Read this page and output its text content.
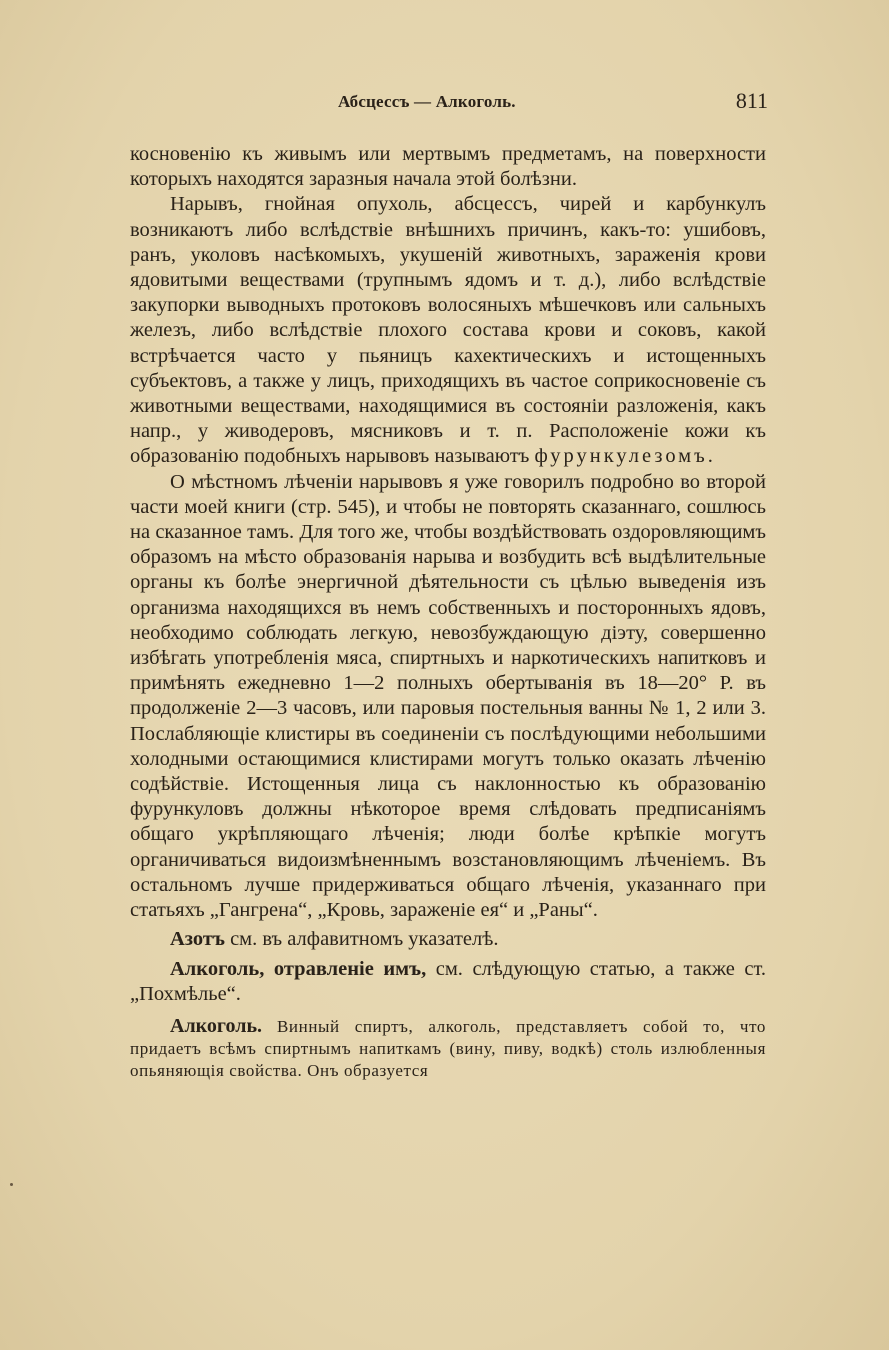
Абсцессъ — Алкоголь.	811

косновенію къ живымъ или мертвымъ предметамъ, на поверхности которыхъ находятся заразныя начала этой болѣзни.

Нарывъ, гнойная опухоль, абсцессъ, чирей и карбункулъ возникаютъ либо вслѣдствіе внѣшнихъ причинъ, какъ-то: ушибовъ, ранъ, уколовъ насѣкомыхъ, укушеній животныхъ, зараженія крови ядовитыми веществами (трупнымъ ядомъ и т. д.), либо вслѣдствіе закупорки выводныхъ протоковъ волосяныхъ мѣшечковъ или сальныхъ железъ, либо вслѣдствіе плохого состава крови и соковъ, какой встрѣчается часто у пьяницъ кахектическихъ и истощенныхъ субъектовъ, а также у лицъ, приходящихъ въ частое соприкосновеніе съ животными веществами, находящимися въ состояніи разложенія, какъ напр., у живодеровъ, мясниковъ и т. п. Расположеніе кожи къ образованію подобныхъ нарывовъ называютъ фурункулезомъ.

О мѣстномъ лѣченіи нарывовъ я уже говорилъ подробно во второй части моей книги (стр. 545), и чтобы не повторять сказаннаго, сошлюсь на сказанное тамъ. Для того же, чтобы воздѣйствовать оздоровляющимъ образомъ на мѣсто образованія нарыва и возбудить всѣ выдѣлительные органы къ болѣе энергичной дѣятельности съ цѣлью выведенія изъ организма находящихся въ немъ собственныхъ и посторонныхъ ядовъ, необходимо соблюдать легкую, невозбуждающую діэту, совершенно избѣгать употребленія мяса, спиртныхъ и наркотическихъ напитковъ и примѣнять ежедневно 1—2 полныхъ обертыванія въ 18—20° Р. въ продолженіе 2—3 часовъ, или паровыя постельныя ванны № 1, 2 или 3. Послабляющіе клистиры въ соединеніи съ послѣдующими небольшими холодными остающимися клистирами могутъ только оказать лѣченію содѣйствіе. Истощенныя лица съ наклонностью къ образованію фурункуловъ должны нѣкоторое время слѣдовать предписаніямъ общаго укрѣпляющаго лѣченія; люди болѣе крѣпкіе могутъ органичиваться видоизмѣненнымъ возстановляющимъ лѣченіемъ. Въ остальномъ лучше придерживаться общаго лѣченія, указаннаго при статьяхъ „Гангрена“, „Кровь, зараженіе ея“ и „Раны“.

Азотъ см. въ алфавитномъ указателѣ.

Алкоголь, отравленіе имъ, см. слѣдующую статью, а также ст. „Похмѣлье“.

Алкоголь. Винный спиртъ, алкоголь, представляетъ собой то, что придаетъ всѣмъ спиртнымъ напиткамъ (вину, пиву, водкѣ) столь излюбленныя опьяняющія свойства. Онъ образуется
